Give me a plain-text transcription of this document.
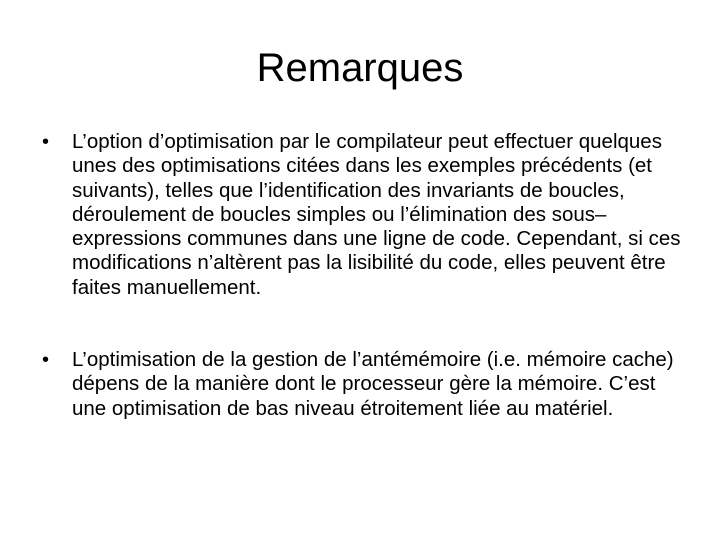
Remarques
• L’option d’optimisation par le compilateur peut effectuer quelques unes des optimisations citées dans les exemples précédents (et suivants), telles que l’identification des invariants de boucles, déroulement de boucles simples ou l’élimination des sous–expressions communes dans une ligne de code. Cependant, si ces modifications n’altèrent pas la lisibilité du code, elles peuvent être faites manuellement.
• L’optimisation de la gestion de l’antémémoire (i.e. mémoire cache) dépens de la manière dont le processeur gère la mémoire. C’est une optimisation de bas niveau étroitement liée au matériel.
